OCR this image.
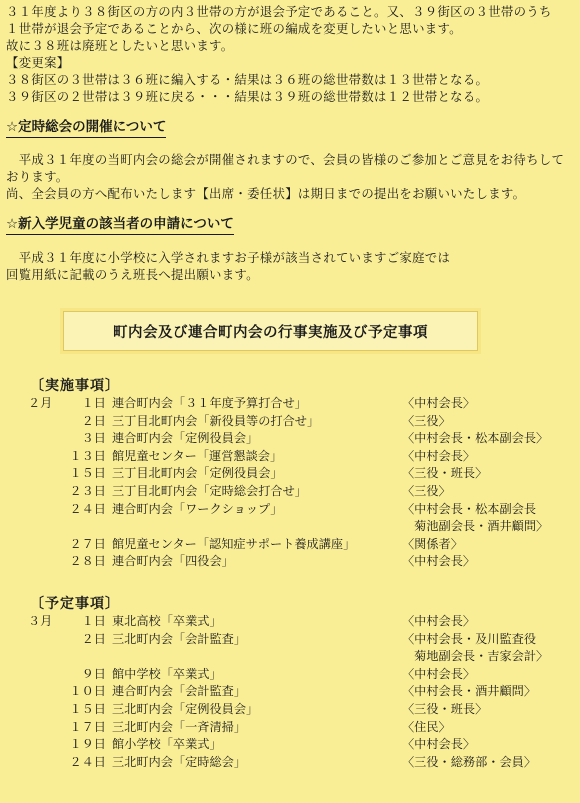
３１年度より３８街区の方の内３世帯の方が退会予定であること。又、３９街区の３世帯のうち
１世帯が退会予定であることから、次の様に班の編成を変更したいと思います。
故に３８班は廃班としたいと思います。
【変更案】
３８街区の３世帯は３６班に編入する・結果は３６班の総世帯数は１３世帯となる。
３９街区の２世帯は３９班に戻る・・・結果は３９班の総世帯数は１２世帯となる。
☆定時総会の開催について
　平成３１年度の当町内会の総会が開催されますので、会員の皆様のご参加とご意見をお待ちして
おります。
尚、全会員の方へ配布いたします【出席・委任状】は期日までの提出をお願いいたします。
☆新入学児童の該当者の申請について
　平成３１年度に小学校に入学されますお子様が該当されていますご家庭では
回覧用紙に記載のうえ班長へ提出願います。
町内会及び連合町内会の行事実施及び予定事項
〔実施事項〕
２月	１日	連合町内会「３１年度予算打合せ」	〈中村会長〉
	２日	三丁目北町内会「新役員等の打合せ」	〈三役〉
	３日	連合町内会「定例役員会」	〈中村会長・松本副会長〉
	１３日	館児童センター「運営懇談会」	〈中村会長〉
	１５日	三丁目北町内会「定例役員会」	〈三役・班長〉
	２３日	三丁目北町内会「定時総会打合せ」	〈三役〉
	２４日	連合町内会「ワークショップ」	〈中村会長・松本副会長
			　菊池副会長・酒井顧問〉
	２７日	館児童センター「認知症サポート養成講座」	〈関係者〉
	２８日	連合町内会「四役会」	〈中村会長〉
〔予定事項〕
３月	１日	東北高校「卒業式」	〈中村会長〉
	２日	三北町内会「会計監査」	〈中村会長・及川監査役
			　菊地副会長・吉家会計〉
	９日	館中学校「卒業式」	〈中村会長〉
	１０日	連合町内会「会計監査」	〈中村会長・酒井顧問〉
	１５日	三北町内会「定例役員会」	〈三役・班長〉
	１７日	三北町内会「一斉清掃」	〈住民〉
	１９日	館小学校「卒業式」	〈中村会長〉
	２４日	三北町内会「定時総会」	〈三役・総務部・会員〉
